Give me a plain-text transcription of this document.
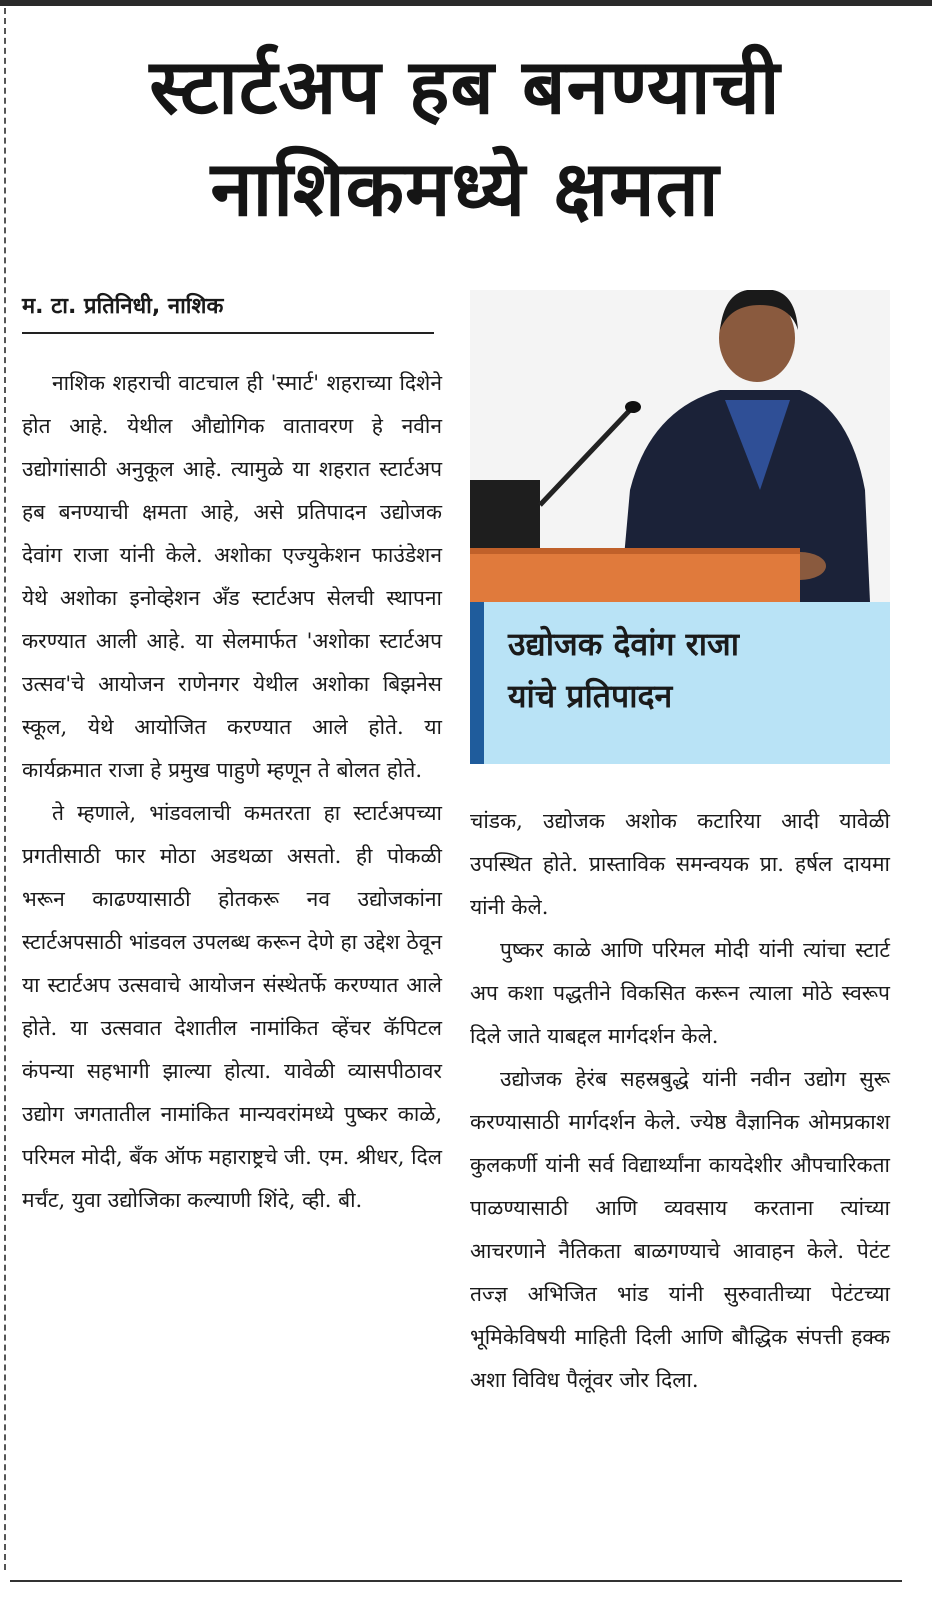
स्टार्टअप हब बनण्याची
नाशिकमध्ये क्षमता
म. टा. प्रतिनिधी, नाशिक
उद्योजक देवांग राजा
यांचे प्रतिपादन

नाशिक शहराची वाटचाल ही 'स्मार्ट' शहराच्या दिशेने होत आहे. येथील औद्योगिक वातावरण हे नवीन उद्योगांसाठी अनुकूल आहे. त्यामुळे या शहरात स्टार्टअप हब बनण्याची क्षमता आहे, असे प्रतिपादन उद्योजक देवांग राजा यांनी केले. अशोका एज्युकेशन फाउंडेशन येथे अशोका इनोव्हेशन अँड स्टार्टअप सेलची स्थापना करण्यात आली आहे. या सेलमार्फत 'अशोका स्टार्टअप उत्सव'चे आयोजन राणेनगर येथील अशोका बिझनेस स्कूल, येथे आयोजित करण्यात आले होते. या कार्यक्रमात राजा हे प्रमुख पाहुणे म्हणून ते बोलत होते.

ते म्हणाले, भांडवलाची कमतरता हा स्टार्टअपच्या प्रगतीसाठी फार मोठा अडथळा असतो. ही पोकळी भरून काढण्यासाठी होतकरू नव उद्योजकांना स्टार्टअपसाठी भांडवल उपलब्ध करून देणे हा उद्देश ठेवून या स्टार्टअप उत्सवाचे आयोजन संस्थेतर्फे करण्यात आले होते. या उत्सवात देशातील नामांकित व्हेंचर कॅपिटल कंपन्या सहभागी झाल्या होत्या. यावेळी व्यासपीठावर उद्योग जगतातील नामांकित मान्यवरांमध्ये पुष्कर काळे, परिमल मोदी, बँक ऑफ महाराष्ट्रचे जी. एम. श्रीधर, दिल मर्चंट, युवा उद्योजिका कल्याणी शिंदे, व्ही. बी.

चांडक, उद्योजक अशोक कटारिया आदी यावेळी उपस्थित होते. प्रास्ताविक समन्वयक प्रा. हर्षल दायमा यांनी केले.

पुष्कर काळे आणि परिमल मोदी यांनी त्यांचा स्टार्ट अप कशा पद्धतीने विकसित करून त्याला मोठे स्वरूप दिले जाते याबद्दल मार्गदर्शन केले.

उद्योजक हेरंब सहस्रबुद्धे यांनी नवीन उद्योग सुरू करण्यासाठी मार्गदर्शन केले. ज्येष्ठ वैज्ञानिक ओमप्रकाश कुलकर्णी यांनी सर्व विद्यार्थ्यांना कायदेशीर औपचारिकता पाळण्यासाठी आणि व्यवसाय करताना त्यांच्या आचरणाने नैतिकता बाळगण्याचे आवाहन केले. पेटंट तज्ज्ञ अभिजित भांड यांनी सुरुवातीच्या पेटंटच्या भूमिकेविषयी माहिती दिली आणि बौद्धिक संपत्ती हक्क अशा विविध पैलूंवर जोर दिला.
